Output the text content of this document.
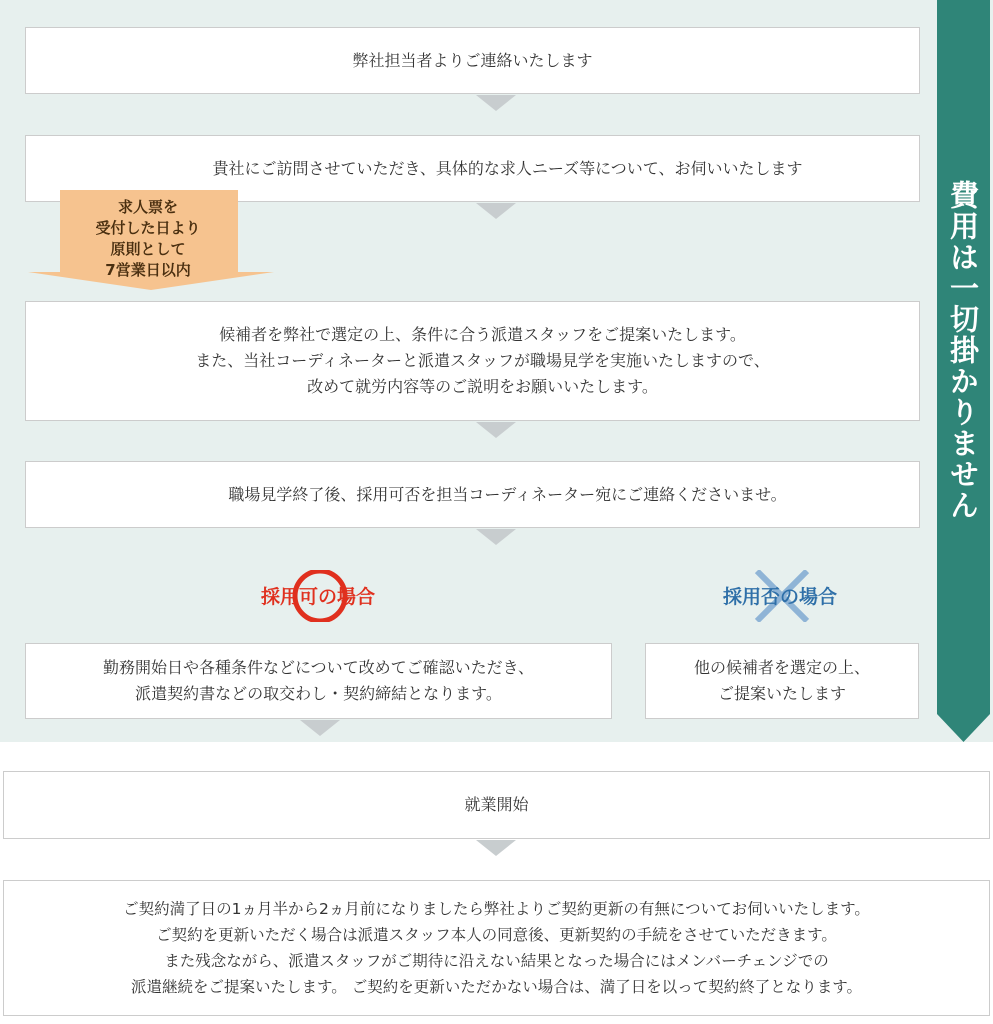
弊社担当者よりご連絡いたします
貴社にご訪問させていただき、具体的な求人ニーズ等について、お伺いいたします
求人票を
受付した日より
原則として
7営業日以内
候補者を弊社で選定の上、条件に合う派遣スタッフをご提案いたします。
また、当社コーディネーターと派遣スタッフが職場見学を実施いたしますので、
改めて就労内容等のご説明をお願いいたします。
職場見学終了後、採用可否を担当コーディネーター宛にご連絡くださいませ。
採用可の場合	採用否の場合
勤務開始日や各種条件などについて改めてご確認いただき、
派遣契約書などの取交わし・契約締結となります。
他の候補者を選定の上、
ご提案いたします
費用は一切掛かりません
就業開始
ご契約満了日の1ヵ月半から2ヵ月前になりましたら弊社よりご契約更新の有無についてお伺いいたします。
ご契約を更新いただく場合は派遣スタッフ本人の同意後、更新契約の手続をさせていただきます。
また残念ながら、派遣スタッフがご期待に沿えない結果となった場合にはメンバーチェンジでの
派遣継続をご提案いたします。 ご契約を更新いただかない場合は、満了日を以って契約終了となります。
